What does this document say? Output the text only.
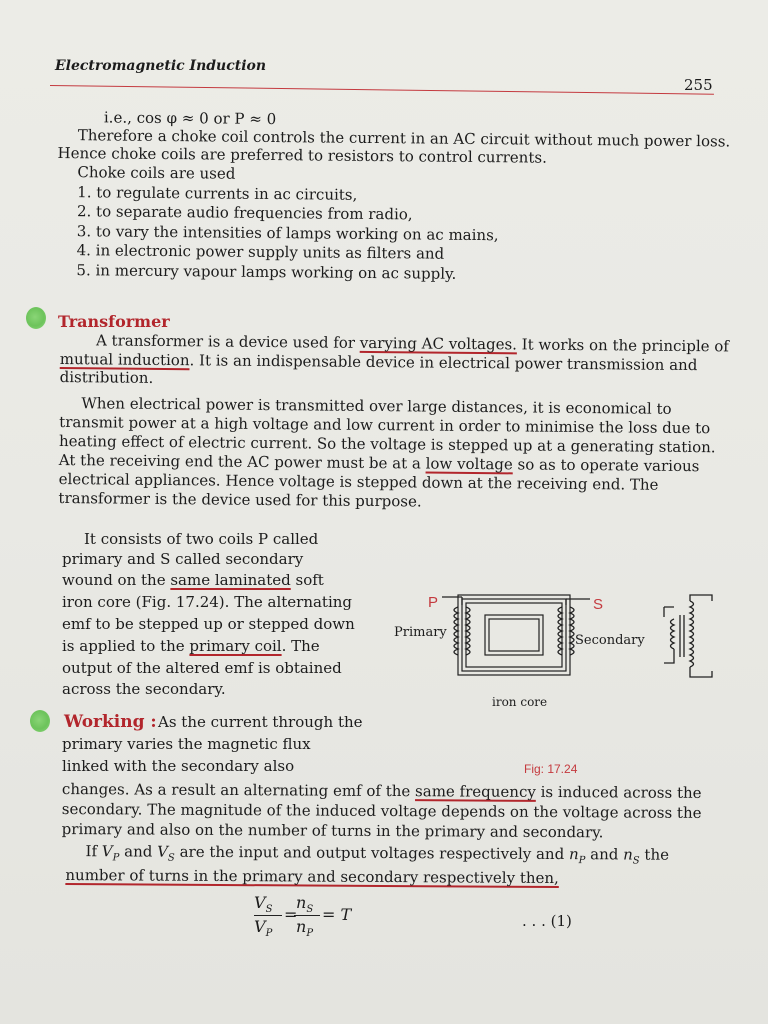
Electromagnetic Induction
255
i.e., cos φ ≈ 0 or P ≈ 0
Therefore a choke coil controls the current in an AC circuit without much power loss.
Hence choke coils are preferred to resistors to control currents.
Choke coils are used
1. to regulate currents in ac circuits,
2. to separate audio frequencies from radio,
3. to vary the intensities of lamps working on ac mains,
4. in electronic power supply units as filters and
5. in mercury vapour lamps working on ac supply.
Transformer
A transformer is a device used for varying AC voltages. It works on the principle of
mutual induction. It is an indispensable device in electrical power transmission and
distribution.
When electrical power is transmitted over large distances, it is economical to
transmit power at a high voltage and low current in order to minimise the loss due to
heating effect of electric current. So the voltage is stepped up at a generating station.
At the receiving end the AC power must be at a low voltage so as to operate various
electrical appliances. Hence voltage is stepped down at the receiving end. The
transformer is the device used for this purpose.
It consists of two coils P called
primary and S called secondary
wound on the same laminated soft
iron core (Fig. 17.24). The alternating
emf to be stepped up or stepped down
is applied to the primary coil. The
output of the altered emf is obtained
across the secondary.
P	S
Primary
Secondary
iron core
Fig: 17.24
Working : As the current through the
primary varies the magnetic flux
linked with the secondary also
changes. As a result an alternating emf of the same frequency is induced across the
secondary. The magnitude of the induced voltage depends on the voltage across the
primary and also on the number of turns in the primary and secondary.
If $V_P$ and $V_S$ are the input and output voltages respectively and $n_P$ and $n_S$ the
number of turns in the primary and secondary respectively then,
$V_S$
$V_P$
=
$n_S$
$n_P$
= T	. . . (1)
